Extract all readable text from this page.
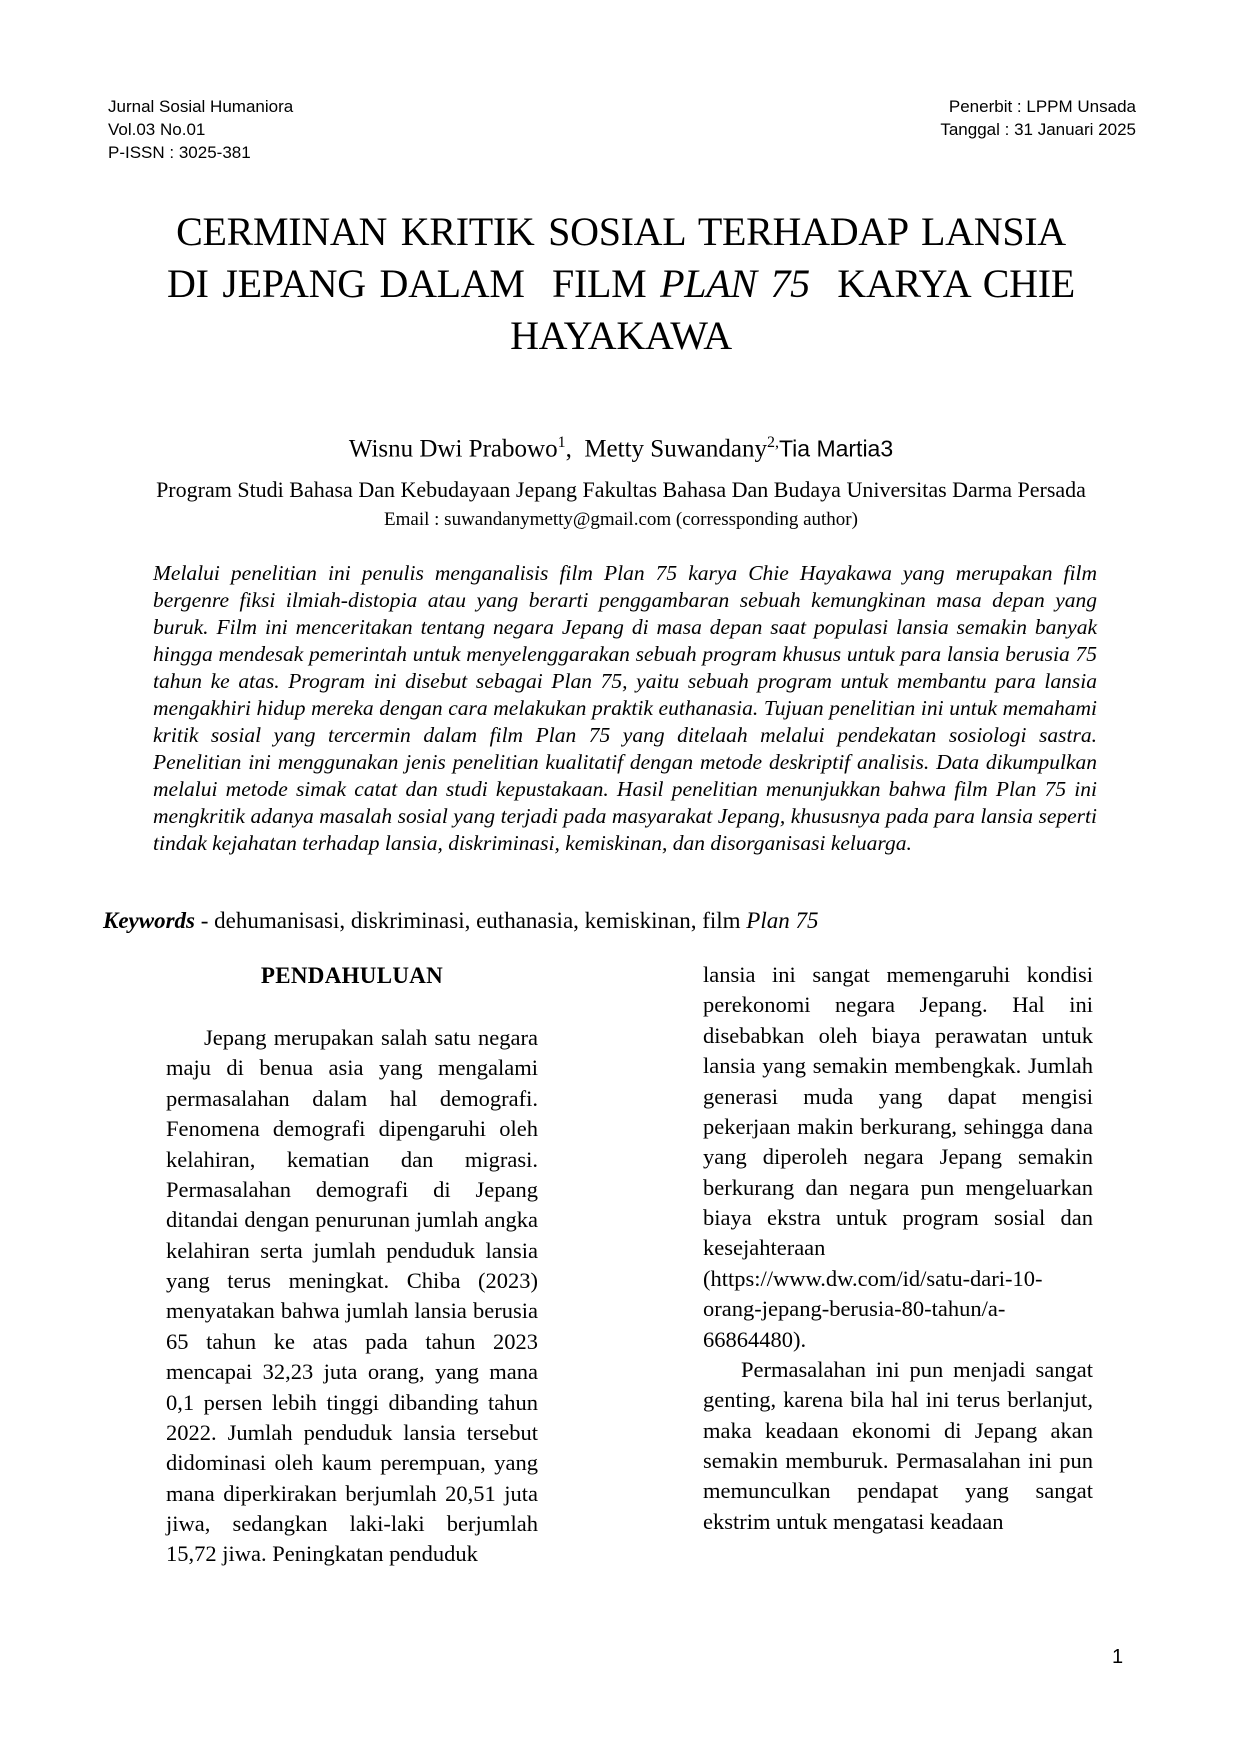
Jurnal Sosial Humaniora
Vol.03 No.01
P-ISSN : 3025-381
Penerbit : LPPM Unsada
Tanggal : 31 Januari 2025
CERMINAN KRITIK SOSIAL TERHADAP LANSIA
DI JEPANG DALAM  FILM PLAN 75  KARYA CHIE
HAYAKAWA
Wisnu Dwi Prabowo$^1$,  Metty Suwandany$^{2,}$Tia Martia3
Program Studi Bahasa Dan Kebudayaan Jepang Fakultas Bahasa Dan Budaya Universitas Darma Persada
Email : suwandanymetty@gmail.com (corressponding author)
Melalui penelitian ini penulis menganalisis film Plan 75 karya Chie Hayakawa yang merupakan film bergenre fiksi ilmiah-distopia atau yang berarti penggambaran sebuah kemungkinan masa depan yang buruk. Film ini menceritakan tentang negara Jepang di masa depan saat populasi lansia semakin banyak hingga mendesak pemerintah untuk menyelenggarakan sebuah program khusus untuk para lansia berusia 75 tahun ke atas. Program ini disebut sebagai Plan 75, yaitu sebuah program untuk membantu para lansia mengakhiri hidup mereka dengan cara melakukan praktik euthanasia. Tujuan penelitian ini untuk memahami kritik sosial yang tercermin dalam film Plan 75 yang ditelaah melalui pendekatan sosiologi sastra. Penelitian ini menggunakan jenis penelitian kualitatif dengan metode deskriptif analisis. Data dikumpulkan melalui metode simak catat dan studi kepustakaan. Hasil penelitian menunjukkan bahwa film Plan 75 ini mengkritik adanya masalah sosial yang terjadi pada masyarakat Jepang, khususnya pada para lansia seperti tindak kejahatan terhadap lansia, diskriminasi, kemiskinan, dan disorganisasi keluarga.
Keywords - dehumanisasi, diskriminasi, euthanasia, kemiskinan, film Plan 75
PENDAHULUAN

Jepang merupakan salah satu negara maju di benua asia yang mengalami permasalahan dalam hal demografi. Fenomena demografi dipengaruhi oleh kelahiran, kematian dan migrasi. Permasalahan demografi di Jepang ditandai dengan penurunan jumlah angka kelahiran serta jumlah penduduk lansia yang terus meningkat. Chiba (2023) menyatakan bahwa jumlah lansia berusia 65 tahun ke atas pada tahun 2023 mencapai 32,23 juta orang, yang mana 0,1 persen lebih tinggi dibanding tahun 2022. Jumlah penduduk lansia tersebut didominasi oleh kaum perempuan, yang mana diperkirakan berjumlah 20,51 juta jiwa, sedangkan laki-laki berjumlah 15,72 jiwa. Peningkatan penduduk

lansia ini sangat memengaruhi kondisi perekonomi negara Jepang. Hal ini disebabkan oleh biaya perawatan untuk lansia yang semakin membengkak. Jumlah generasi muda yang dapat mengisi pekerjaan makin berkurang, sehingga dana yang diperoleh negara Jepang semakin berkurang dan negara pun mengeluarkan biaya ekstra untuk program sosial dan kesejahteraan (https://www.dw.com/id/satu-dari-10-orang-jepang-berusia-80-tahun/a-66864480).

Permasalahan ini pun menjadi sangat genting, karena bila hal ini terus berlanjut, maka keadaan ekonomi di Jepang akan semakin memburuk. Permasalahan ini pun memunculkan pendapat yang sangat ekstrim untuk mengatasi keadaan

1
